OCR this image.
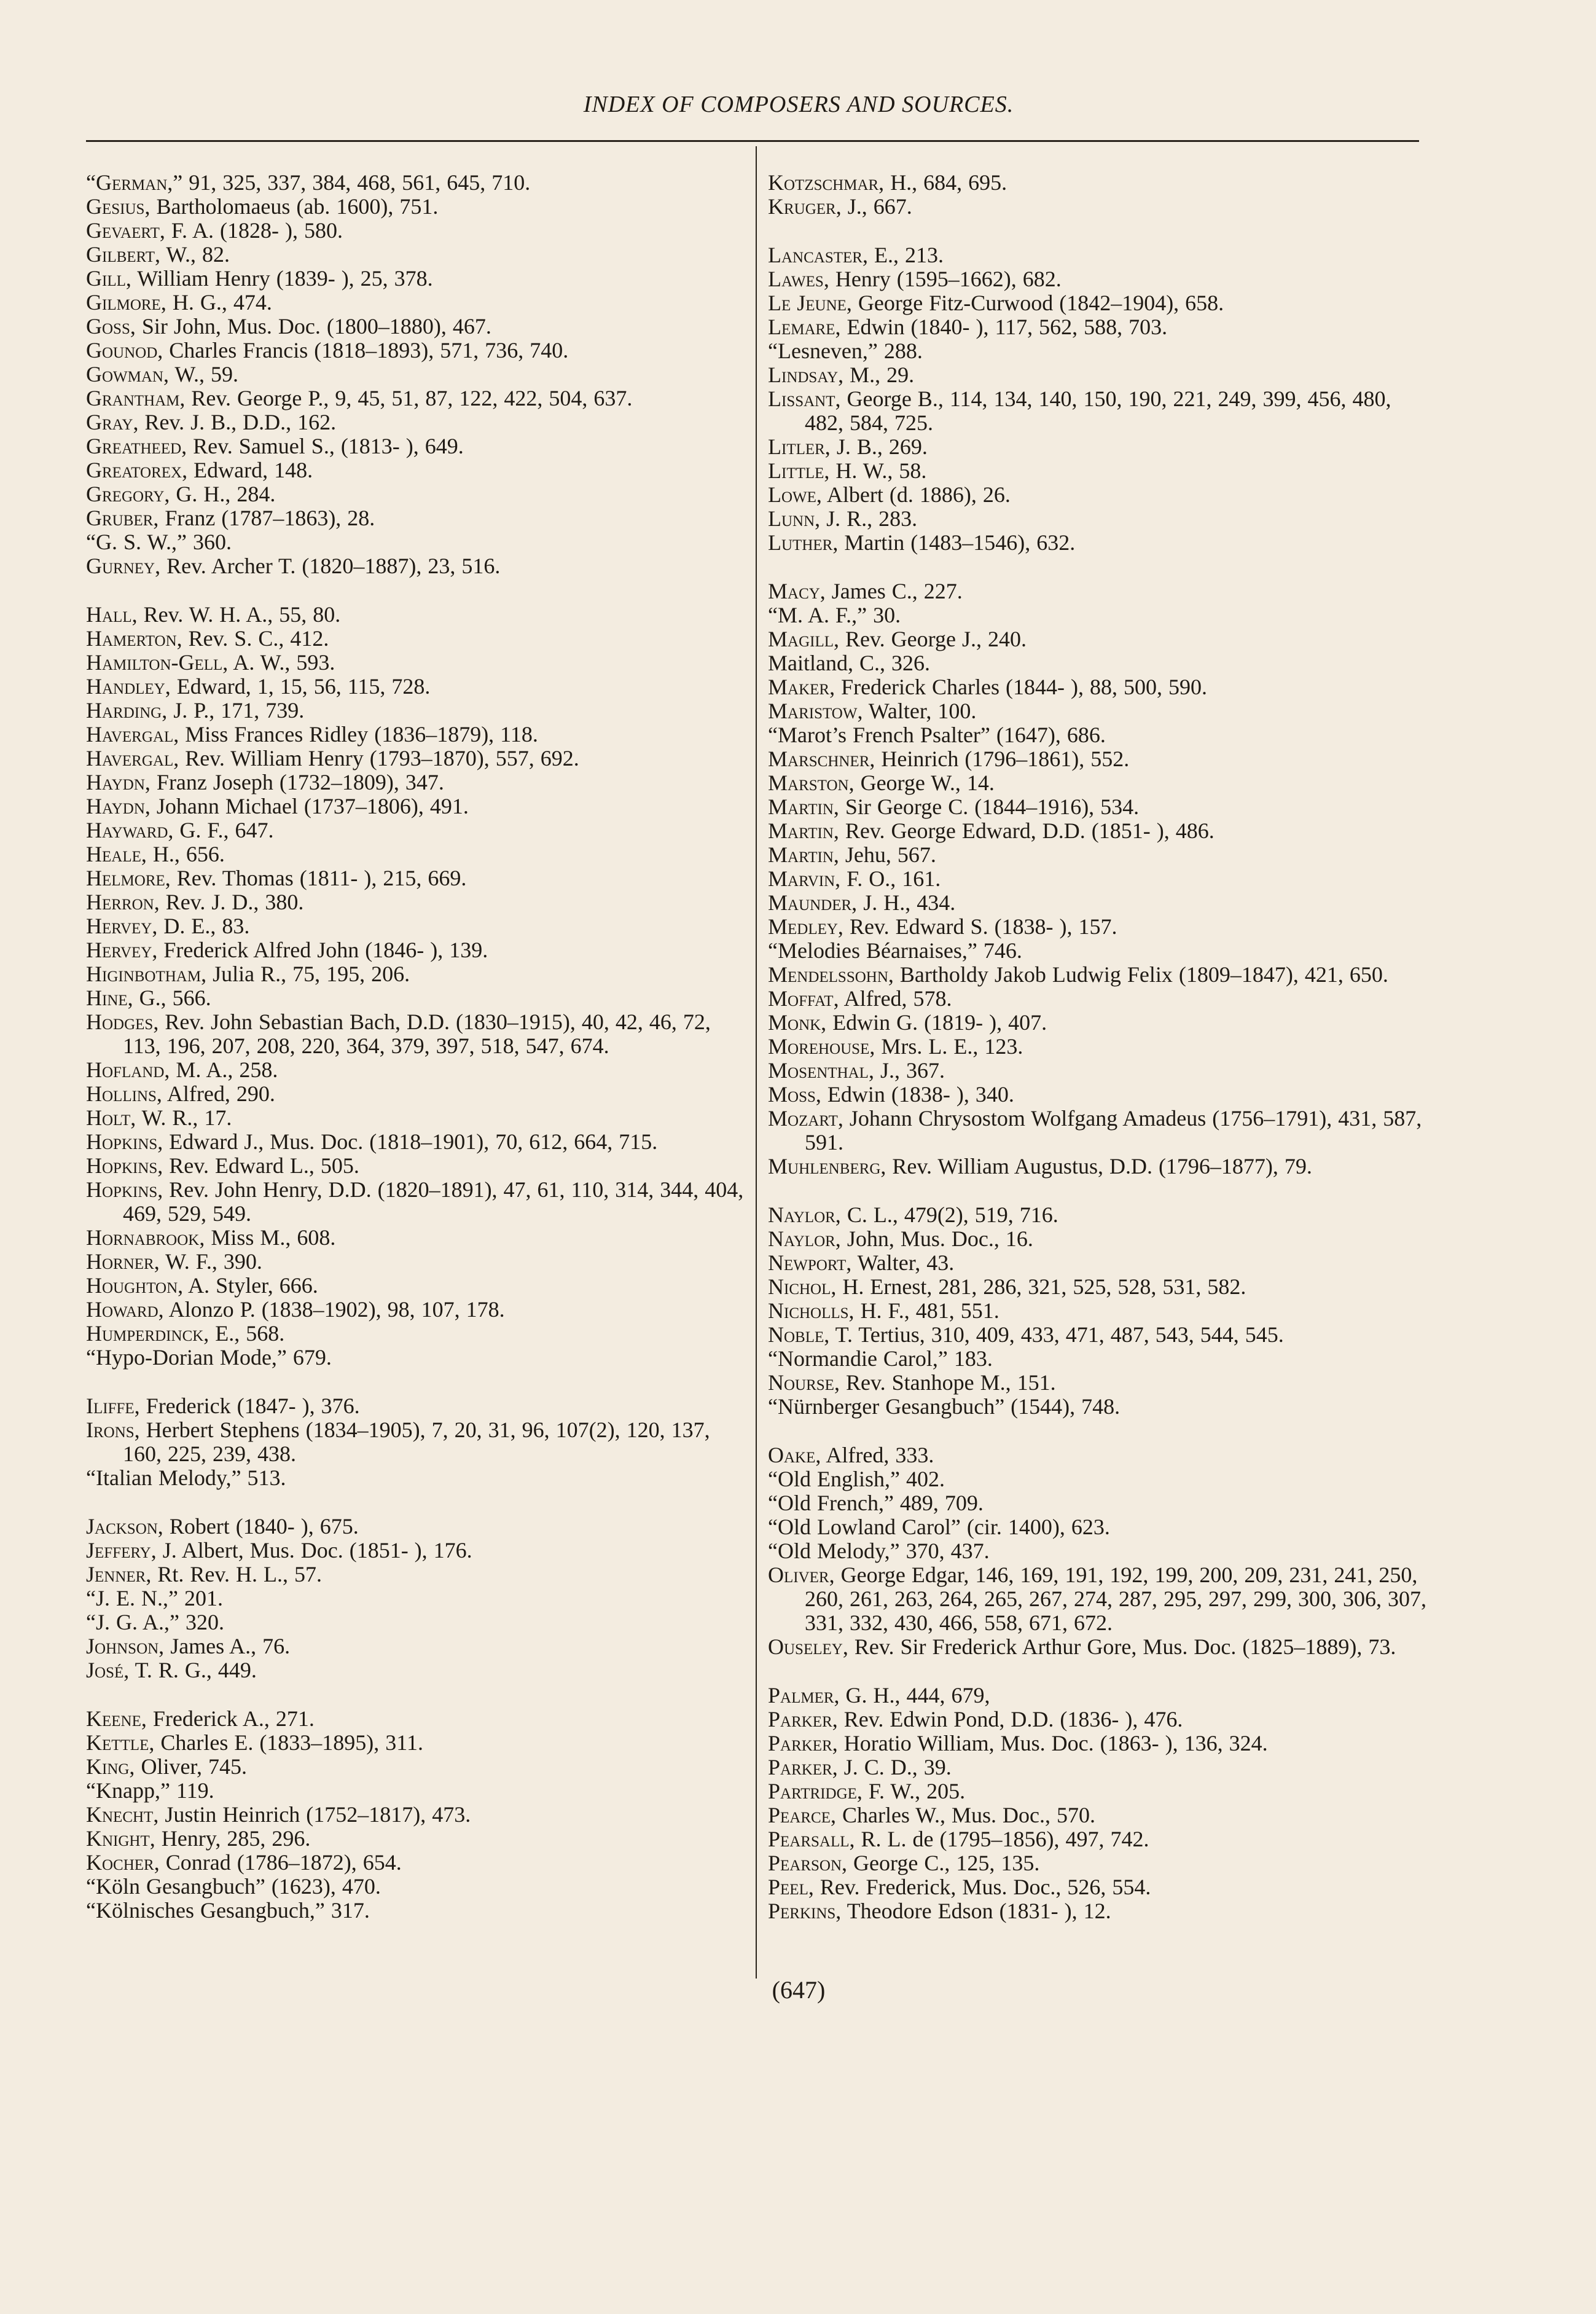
INDEX OF COMPOSERS AND SOURCES.
“German,” 91, 325, 337, 384, 468, 561, 645, 710.
Gesius, Bartholomaeus (ab. 1600), 751.
Gevaert, F. A. (1828- ), 580.
Gilbert, W., 82.
Gill, William Henry (1839- ), 25, 378.
Gilmore, H. G., 474.
Goss, Sir John, Mus. Doc. (1800–1880), 467.
Gounod, Charles Francis (1818–1893), 571, 736, 740.
Gowman, W., 59.
Grantham, Rev. George P., 9, 45, 51, 87, 122, 422, 504, 637.
Gray, Rev. J. B., D.D., 162.
Greatheed, Rev. Samuel S., (1813- ), 649.
Greatorex, Edward, 148.
Gregory, G. H., 284.
Gruber, Franz (1787–1863), 28.
“G. S. W.,” 360.
Gurney, Rev. Archer T. (1820–1887), 23, 516.
Hall, Rev. W. H. A., 55, 80.
Hamerton, Rev. S. C., 412.
Hamilton-Gell, A. W., 593.
Handley, Edward, 1, 15, 56, 115, 728.
Harding, J. P., 171, 739.
Havergal, Miss Frances Ridley (1836–1879), 118.
Havergal, Rev. William Henry (1793–1870), 557, 692.
Haydn, Franz Joseph (1732–1809), 347.
Haydn, Johann Michael (1737–1806), 491.
Hayward, G. F., 647.
Heale, H., 656.
Helmore, Rev. Thomas (1811- ), 215, 669.
Herron, Rev. J. D., 380.
Hervey, D. E., 83.
Hervey, Frederick Alfred John (1846- ), 139.
Higinbotham, Julia R., 75, 195, 206.
Hine, G., 566.
Hodges, Rev. John Sebastian Bach, D.D. (1830–1915), 40, 42, 46, 72, 113, 196, 207, 208, 220, 364, 379, 397, 518, 547, 674.
Hofland, M. A., 258.
Hollins, Alfred, 290.
Holt, W. R., 17.
Hopkins, Edward J., Mus. Doc. (1818–1901), 70, 612, 664, 715.
Hopkins, Rev. Edward L., 505.
Hopkins, Rev. John Henry, D.D. (1820–1891), 47, 61, 110, 314, 344, 404, 469, 529, 549.
Hornabrook, Miss M., 608.
Horner, W. F., 390.
Houghton, A. Styler, 666.
Howard, Alonzo P. (1838–1902), 98, 107, 178.
Humperdinck, E., 568.
“Hypo-Dorian Mode,” 679.
Iliffe, Frederick (1847- ), 376.
Irons, Herbert Stephens (1834–1905), 7, 20, 31, 96, 107(2), 120, 137, 160, 225, 239, 438.
“Italian Melody,” 513.
Jackson, Robert (1840- ), 675.
Jeffery, J. Albert, Mus. Doc. (1851- ), 176.
Jenner, Rt. Rev. H. L., 57.
“J. E. N.,” 201.
“J. G. A.,” 320.
Johnson, James A., 76.
José, T. R. G., 449.
Keene, Frederick A., 271.
Kettle, Charles E. (1833–1895), 311.
King, Oliver, 745.
“Knapp,” 119.
Knecht, Justin Heinrich (1752–1817), 473.
Knight, Henry, 285, 296.
Kocher, Conrad (1786–1872), 654.
“Köln Gesangbuch” (1623), 470.
“Kölnisches Gesangbuch,” 317.
Kotzschmar, H., 684, 695.
Kruger, J., 667.
Lancaster, E., 213.
Lawes, Henry (1595–1662), 682.
Le Jeune, George Fitz-Curwood (1842–1904), 658.
Lemare, Edwin (1840- ), 117, 562, 588, 703.
“Lesneven,” 288.
Lindsay, M., 29.
Lissant, George B., 114, 134, 140, 150, 190, 221, 249, 399, 456, 480, 482, 584, 725.
Litler, J. B., 269.
Little, H. W., 58.
Lowe, Albert (d. 1886), 26.
Lunn, J. R., 283.
Luther, Martin (1483–1546), 632.
Macy, James C., 227.
“M. A. F.,” 30.
Magill, Rev. George J., 240.
Maitland, C., 326.
Maker, Frederick Charles (1844- ), 88, 500, 590.
Maristow, Walter, 100.
“Marot’s French Psalter” (1647), 686.
Marschner, Heinrich (1796–1861), 552.
Marston, George W., 14.
Martin, Sir George C. (1844–1916), 534.
Martin, Rev. George Edward, D.D. (1851- ), 486.
Martin, Jehu, 567.
Marvin, F. O., 161.
Maunder, J. H., 434.
Medley, Rev. Edward S. (1838- ), 157.
“Melodies Béarnaises,” 746.
Mendelssohn, Bartholdy Jakob Ludwig Felix (1809–1847), 421, 650.
Moffat, Alfred, 578.
Monk, Edwin G. (1819- ), 407.
Morehouse, Mrs. L. E., 123.
Mosenthal, J., 367.
Moss, Edwin (1838- ), 340.
Mozart, Johann Chrysostom Wolfgang Amadeus (1756–1791), 431, 587, 591.
Muhlenberg, Rev. William Augustus, D.D. (1796–1877), 79.
Naylor, C. L., 479(2), 519, 716.
Naylor, John, Mus. Doc., 16.
Newport, Walter, 43.
Nichol, H. Ernest, 281, 286, 321, 525, 528, 531, 582.
Nicholls, H. F., 481, 551.
Noble, T. Tertius, 310, 409, 433, 471, 487, 543, 544, 545.
“Normandie Carol,” 183.
Nourse, Rev. Stanhope M., 151.
“Nürnberger Gesangbuch” (1544), 748.
Oake, Alfred, 333.
“Old English,” 402.
“Old French,” 489, 709.
“Old Lowland Carol” (cir. 1400), 623.
“Old Melody,” 370, 437.
Oliver, George Edgar, 146, 169, 191, 192, 199, 200, 209, 231, 241, 250, 260, 261, 263, 264, 265, 267, 274, 287, 295, 297, 299, 300, 306, 307, 331, 332, 430, 466, 558, 671, 672.
Ouseley, Rev. Sir Frederick Arthur Gore, Mus. Doc. (1825–1889), 73.
Palmer, G. H., 444, 679,
Parker, Rev. Edwin Pond, D.D. (1836- ), 476.
Parker, Horatio William, Mus. Doc. (1863- ), 136, 324.
Parker, J. C. D., 39.
Partridge, F. W., 205.
Pearce, Charles W., Mus. Doc., 570.
Pearsall, R. L. de (1795–1856), 497, 742.
Pearson, George C., 125, 135.
Peel, Rev. Frederick, Mus. Doc., 526, 554.
Perkins, Theodore Edson (1831- ), 12.
(647)
